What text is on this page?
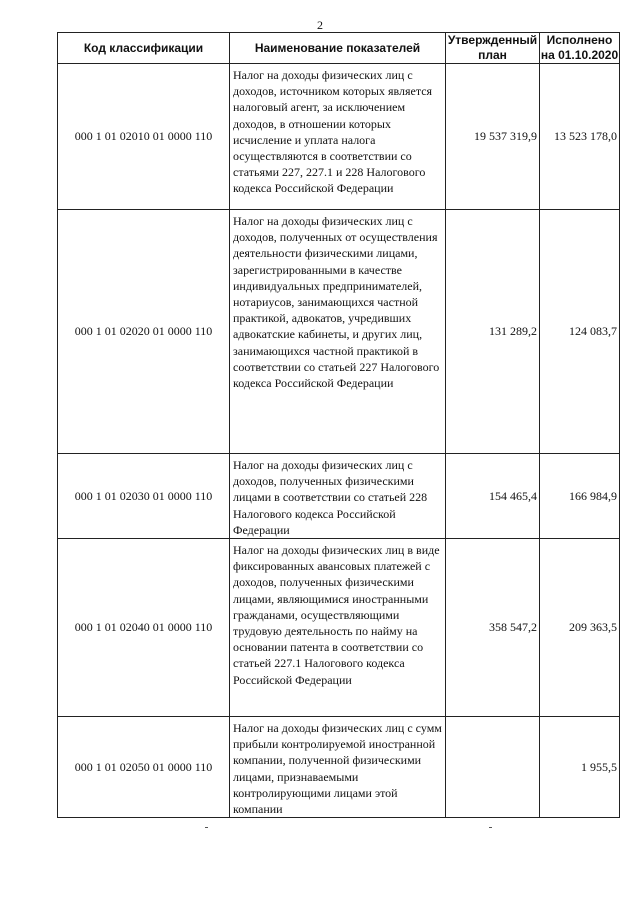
2
Код классификации	Наименование показателей	Утвержденный план	Исполнено на 01.10.2020
000 1 01 02010 01 0000 110	Налог на доходы физических лиц с доходов, источником которых является налоговый агент, за исключением доходов, в отношении которых исчисление и уплата налога осуществляются в соответствии со статьями 227, 227.1 и 228 Налогового кодекса Российской Федерации	19 537 319,9	13 523 178,0
000 1 01 02020 01 0000 110	Налог на доходы физических лиц с доходов, полученных от осуществления деятельности физическими лицами, зарегистрированными в качестве индивидуальных предпринимателей, нотариусов, занимающихся частной практикой, адвокатов, учредивших адвокатские кабинеты, и других лиц, занимающихся частной практикой в соответствии со статьей 227 Налогового кодекса Российской Федерации	131 289,2	124 083,7
000 1 01 02030 01 0000 110	Налог на доходы физических лиц с доходов, полученных физическими лицами в соответствии со статьей 228 Налогового кодекса Российской Федерации	154 465,4	166 984,9
000 1 01 02040 01 0000 110	Налог на доходы физических лиц в виде фиксированных авансовых платежей с доходов, полученных физическими лицами, являющимися иностранными гражданами, осуществляющими трудовую деятельность по найму на основании патента в соответствии со статьей 227.1 Налогового кодекса Российской Федерации	358 547,2	209 363,5
000 1 01 02050 01 0000 110	Налог на доходы физических лиц с сумм прибыли контролируемой иностранной компании, полученной физическими лицами, признаваемыми контролирующими лицами этой компании		1 955,5
